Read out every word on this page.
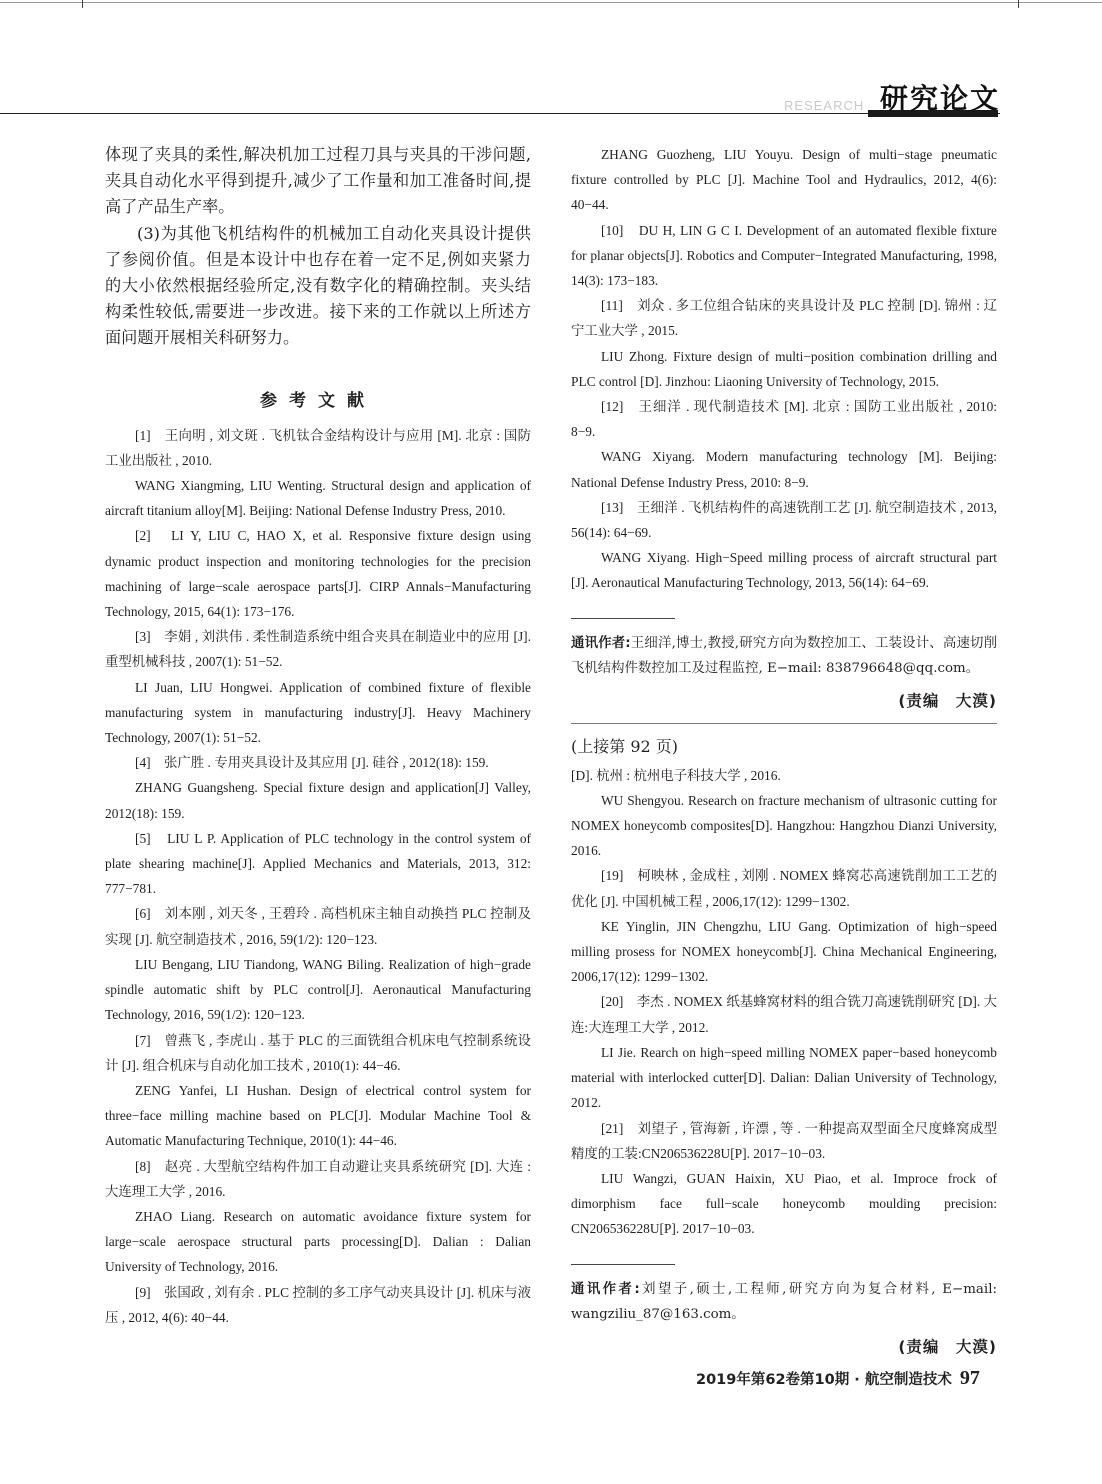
RESEARCH 研究论文

体现了夹具的柔性,解决机加工过程刀具与夹具的干涉问题,夹具自动化水平得到提升,减少了工作量和加工准备时间,提高了产品生产率。

(3)为其他飞机结构件的机械加工自动化夹具设计提供了参阅价值。但是本设计中也存在着一定不足,例如夹紧力的大小依然根据经验所定,没有数字化的精确控制。夹头结构柔性较低,需要进一步改进。接下来的工作就以上所述方面问题开展相关科研努力。

参考文献

[1]　王向明 , 刘文斑 . 飞机钛合金结构设计与应用 [M]. 北京 : 国防工业出版社 , 2010.

WANG Xiangming, LIU Wenting. Structural design and application of aircraft titanium alloy[M]. Beijing: National Defense Industry Press, 2010.

[2]　LI Y, LIU C, HAO X, et al. Responsive fixture design using dynamic product inspection and monitoring technologies for the precision machining of large−scale aerospace parts[J]. CIRP Annals−Manufacturing Technology, 2015, 64(1): 173−176.

[3]　李娟 , 刘洪伟 . 柔性制造系统中组合夹具在制造业中的应用 [J]. 重型机械科技 , 2007(1): 51−52.

LI Juan, LIU Hongwei. Application of combined fixture of flexible manufacturing system in manufacturing industry[J]. Heavy Machinery Technology, 2007(1): 51−52.

[4]　张广胜 . 专用夹具设计及其应用 [J]. 硅谷 , 2012(18): 159.

ZHANG Guangsheng. Special fixture design and application[J] Valley, 2012(18): 159.

[5]　LIU L P. Application of PLC technology in the control system of plate shearing machine[J]. Applied Mechanics and Materials, 2013, 312: 777−781.

[6]　刘本刚 , 刘天冬 , 王碧玲 . 高档机床主轴自动换挡 PLC 控制及实现 [J]. 航空制造技术 , 2016, 59(1/2): 120−123.

LIU Bengang, LIU Tiandong, WANG Biling. Realization of high−grade spindle automatic shift by PLC control[J]. Aeronautical Manufacturing Technology, 2016, 59(1/2): 120−123.

[7]　曾燕飞 , 李虎山 . 基于 PLC 的三面铣组合机床电气控制系统设计 [J]. 组合机床与自动化加工技术 , 2010(1): 44−46.

ZENG Yanfei, LI Hushan. Design of electrical control system for three−face milling machine based on PLC[J]. Modular Machine Tool & Automatic Manufacturing Technique, 2010(1): 44−46.

[8]　赵亮 . 大型航空结构件加工自动避让夹具系统研究 [D]. 大连 : 大连理工大学 , 2016.

ZHAO Liang. Research on automatic avoidance fixture system for large−scale aerospace structural parts processing[D]. Dalian : Dalian University of Technology, 2016.

[9]　张国政 , 刘有余 . PLC 控制的多工序气动夹具设计 [J]. 机床与液压 , 2012, 4(6): 40−44.

ZHANG Guozheng, LIU Youyu. Design of multi−stage pneumatic fixture controlled by PLC [J]. Machine Tool and Hydraulics, 2012, 4(6): 40−44.

[10]　DU H, LIN G C I. Development of an automated flexible fixture for planar objects[J]. Robotics and Computer−Integrated Manufacturing, 1998, 14(3): 173−183.

[11]　刘众 . 多工位组合钻床的夹具设计及 PLC 控制 [D]. 锦州 : 辽宁工业大学 , 2015.

LIU Zhong. Fixture design of multi−position combination drilling and PLC control [D]. Jinzhou: Liaoning University of Technology, 2015.

[12]　王细洋 . 现代制造技术 [M]. 北京 : 国防工业出版社 , 2010: 8−9.

WANG Xiyang. Modern manufacturing technology [M]. Beijing: National Defense Industry Press, 2010: 8−9.

[13]　王细洋 . 飞机结构件的高速铣削工艺 [J]. 航空制造技术 , 2013, 56(14): 64−69.

WANG Xiyang. High−Speed milling process of aircraft structural part [J]. Aeronautical Manufacturing Technology, 2013, 56(14): 64−69.

通讯作者:王细洋,博士,教授,研究方向为数控加工、工装设计、高速切削飞机结构件数控加工及过程监控, E−mail: 838796648@qq.com。

(责编　大漠)
(上接第 92 页)

[D]. 杭州 : 杭州电子科技大学 , 2016.

WU Shengyou. Research on fracture mechanism of ultrasonic cutting for NOMEX honeycomb composites[D]. Hangzhou: Hangzhou Dianzi University, 2016.

[19]　柯映林 , 金成柱 , 刘刚 . NOMEX 蜂窝芯高速铣削加工工艺的优化 [J]. 中国机械工程 , 2006,17(12): 1299−1302.

KE Yinglin, JIN Chengzhu, LIU Gang. Optimization of high−speed milling prosess for NOMEX honeycomb[J]. China Mechanical Engineering, 2006,17(12): 1299−1302.

[20]　李杰 . NOMEX 纸基蜂窝材料的组合铣刀高速铣削研究 [D]. 大连:大连理工大学 , 2012.

LI Jie. Rearch on high−speed milling NOMEX paper−based honeycomb material with interlocked cutter[D]. Dalian: Dalian University of Technology, 2012.

[21]　刘望子 , 管海新 , 许漂 , 等 . 一种提高双型面全尺度蜂窝成型精度的工装:CN206536228U[P]. 2017−10−03.

LIU Wangzi, GUAN Haixin, XU Piao, et al. Improce frock of dimorphism face full−scale honeycomb moulding precision: CN206536228U[P]. 2017−10−03.

通讯作者:刘望子,硕士,工程师,研究方向为复合材料, E−mail: wangziliu_87@163.com。

(责编　大漠)
2019年第62卷第10期 · 航空制造技术 97
